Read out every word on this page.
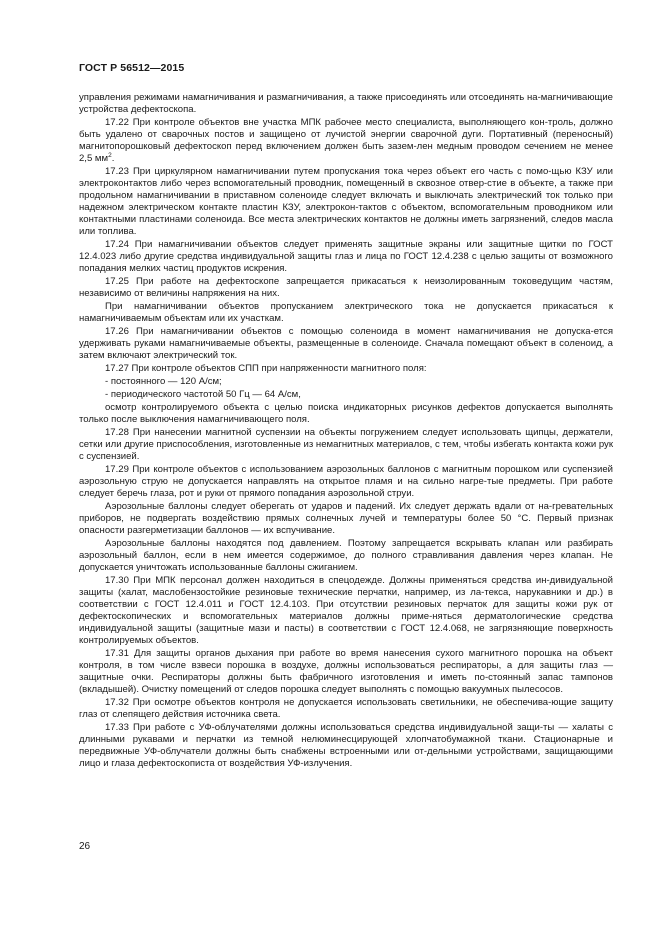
ГОСТ Р 56512—2015

управления режимами намагничивания и размагничивания, а также присоединять или отсоединять на-магничивающие устройства дефектоскопа.

17.22 При контроле объектов вне участка МПК рабочее место специалиста, выполняющего кон-троль, должно быть удалено от сварочных постов и защищено от лучистой энергии сварочной дуги. Портативный (переносный) магнитопорошковый дефектоскоп перед включением должен быть зазем-лен медным проводом сечением не менее 2,5 $мм^2$.

17.23 При циркулярном намагничивании путем пропускания тока через объект его часть с помо-щью КЗУ или электроконтактов либо через вспомогательный проводник, помещенный в сквозное отвер-стие в объекте, а также при продольном намагничивании в приставном соленоиде следует включать и выключать электрический ток только при надежном электрическом контакте пластин КЗУ, электрокон-тактов с объектом, вспомогательным проводником или контактными пластинами соленоида. Все места электрических контактов не должны иметь загрязнений, следов масла или топлива.

17.24 При намагничивании объектов следует применять защитные экраны или защитные щитки по ГОСТ 12.4.023 либо другие средства индивидуальной защиты глаз и лица по ГОСТ 12.4.238 с целью защиты от возможного попадания мелких частиц продуктов искрения.

17.25 При работе на дефектоскопе запрещается прикасаться к неизолированным токоведущим частям, независимо от величины напряжения на них.

При намагничивании объектов пропусканием электрического тока не допускается прикасаться к намагничиваемым объектам или их участкам.

17.26 При намагничивании объектов с помощью соленоида в момент намагничивания не допуска-ется удерживать руками намагничиваемые объекты, размещенные в соленоиде. Сначала помещают объект в соленоид, а затем включают электрический ток.

17.27 При контроле объектов СПП при напряженности магнитного поля:

- постоянного — 120 А/см;

- периодического частотой 50 Гц — 64 А/см,

осмотр контролируемого объекта с целью поиска индикаторных рисунков дефектов допускается выполнять только после выключения намагничивающего поля.

17.28 При нанесении магнитной суспензии на объекты погружением следует использовать щипцы, держатели, сетки или другие приспособления, изготовленные из немагнитных материалов, с тем, чтобы избегать контакта кожи рук с суспензией.

17.29 При контроле объектов с использованием аэрозольных баллонов с магнитным порошком или суспензией аэрозольную струю не допускается направлять на открытое пламя и на сильно нагре-тые предметы. При работе следует беречь глаза, рот и руки от прямого попадания аэрозольной струи.

Аэрозольные баллоны следует оберегать от ударов и падений. Их следует держать вдали от на-гревательных приборов, не подвергать воздействию прямых солнечных лучей и температуры более 50 °С. Первый признак опасности разгерметизации баллонов — их вспучивание.

Аэрозольные баллоны находятся под давлением. Поэтому запрещается вскрывать клапан или разбирать аэрозольный баллон, если в нем имеется содержимое, до полного стравливания давления через клапан. Не допускается уничтожать использованные баллоны сжиганием.

17.30 При МПК персонал должен находиться в спецодежде. Должны применяться средства ин-дивидуальной защиты (халат, маслобензостойкие резиновые технические перчатки, например, из ла-текса, нарукавники и др.) в соответствии с ГОСТ 12.4.011 и ГОСТ 12.4.103. При отсутствии резиновых перчаток для защиты кожи рук от дефектоскопических и вспомогательных материалов должны приме-няться дерматологические средства индивидуальной защиты (защитные мази и пасты) в соответствии с ГОСТ 12.4.068, не загрязняющие поверхность контролируемых объектов.

17.31 Для защиты органов дыхания при работе во время нанесения сухого магнитного порошка на объект контроля, в том числе взвеси порошка в воздухе, должны использоваться респираторы, а для защиты глаз — защитные очки. Респираторы должны быть фабричного изготовления и иметь по-стоянный запас тампонов (вкладышей). Очистку помещений от следов порошка следует выполнять с помощью вакуумных пылесосов.

17.32 При осмотре объектов контроля не допускается использовать светильники, не обеспечива-ющие защиту глаз от слепящего действия источника света.

17.33 При работе с УФ-облучателями должны использоваться средства индивидуальной защи-ты — халаты с длинными рукавами и перчатки из темной нелюминесцирующей хлопчатобумажной ткани. Стационарные и передвижные УФ-облучатели должны быть снабжены встроенными или от-дельными устройствами, защищающими лицо и глаза дефектоскописта от воздействия УФ-излучения.

26
